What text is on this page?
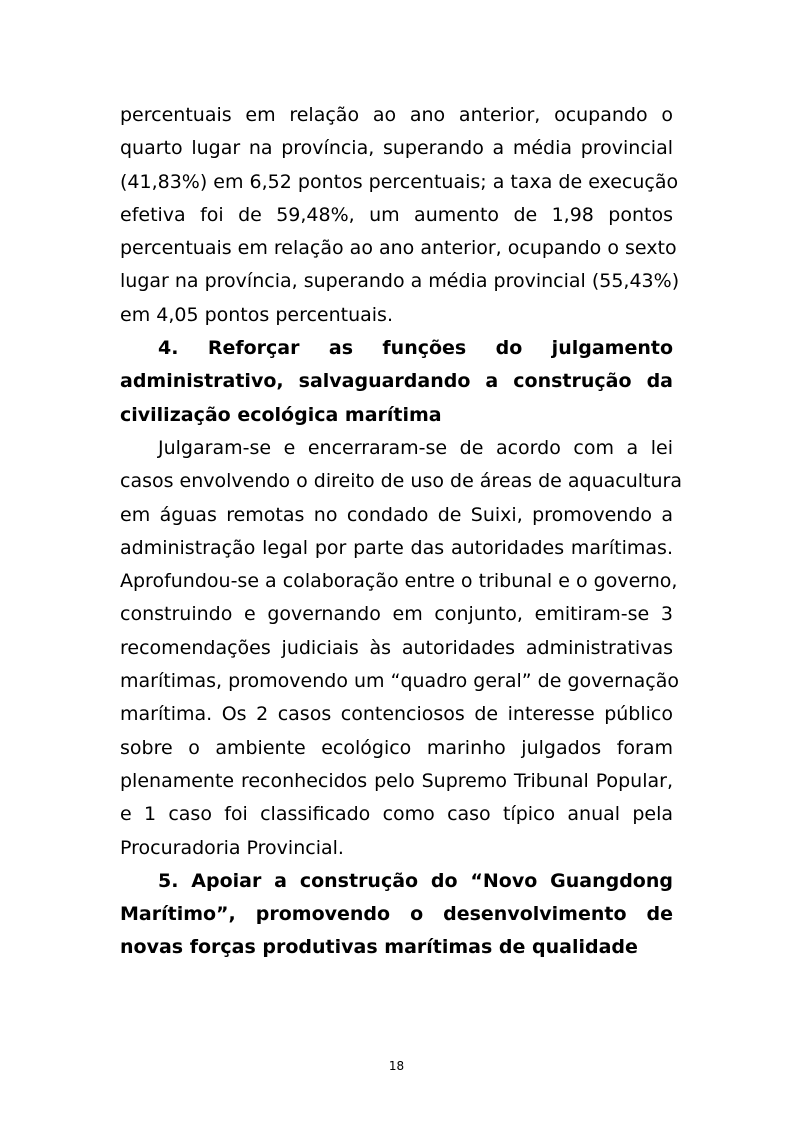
percentuais em relação ao ano anterior, ocupando o
quarto lugar na província, superando a média provincial
(41,83%) em 6,52 pontos percentuais; a taxa de execução
efetiva foi de 59,48%, um aumento de 1,98 pontos
percentuais em relação ao ano anterior, ocupando o sexto
lugar na província, superando a média provincial (55,43%)
em 4,05 pontos percentuais.
4. Reforçar as funções do julgamento
administrativo, salvaguardando a construção da
civilização ecológica marítima
Julgaram-se e encerraram-se de acordo com a lei
casos envolvendo o direito de uso de áreas de aquacultura
em águas remotas no condado de Suixi, promovendo a
administração legal por parte das autoridades marítimas.
Aprofundou-se a colaboração entre o tribunal e o governo,
construindo e governando em conjunto, emitiram-se 3
recomendações judiciais às autoridades administrativas
marítimas, promovendo um “quadro geral” de governação
marítima. Os 2 casos contenciosos de interesse público
sobre o ambiente ecológico marinho julgados foram
plenamente reconhecidos pelo Supremo Tribunal Popular,
e 1 caso foi classificado como caso típico anual pela
Procuradoria Provincial.
5. Apoiar a construção do “Novo Guangdong
Marítimo”, promovendo o desenvolvimento de
novas forças produtivas marítimas de qualidade
18
